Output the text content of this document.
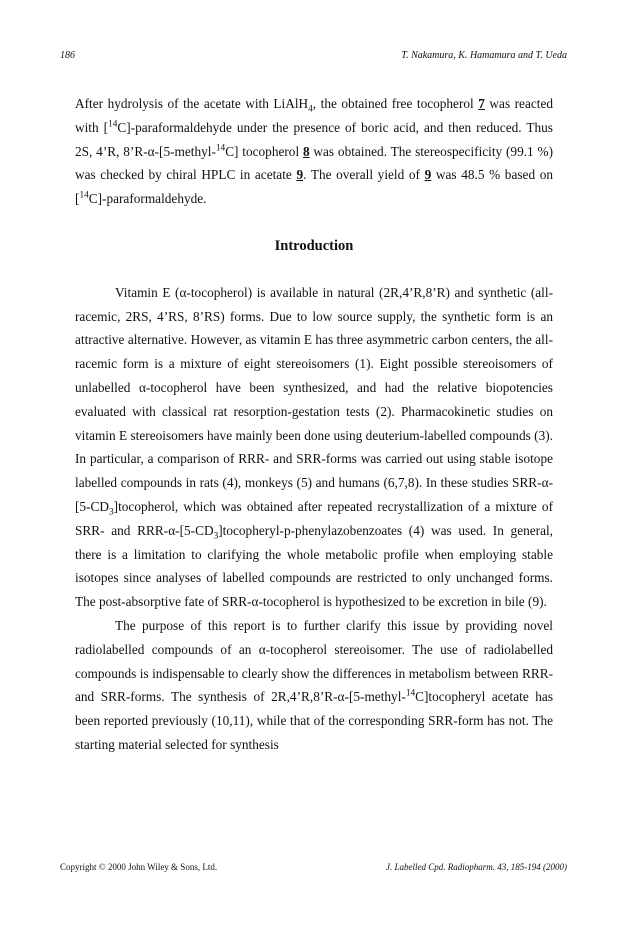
186	T. Nakamura, K. Hamamura and T. Ueda

After hydrolysis of the acetate with LiAlH$_4$, the obtained free tocopherol 7 was reacted with [$^{14}$C]-paraformaldehyde under the presence of boric acid, and then reduced. Thus 2S, 4’R, 8’R-α-[5-methyl-$^{14}$C] tocopherol 8 was obtained. The stereospecificity (99.1 %) was checked by chiral HPLC in acetate 9. The overall yield of 9 was 48.5 % based on [$^{14}$C]-paraformaldehyde.

Introduction

Vitamin E (α-tocopherol) is available in natural (2R,4’R,8’R) and synthetic (all-racemic, 2RS, 4’RS, 8’RS) forms. Due to low source supply, the synthetic form is an attractive alternative. However, as vitamin E has three asymmetric carbon centers, the all-racemic form is a mixture of eight stereoisomers (1). Eight possible stereoisomers of unlabelled α-tocopherol have been synthesized, and had the relative biopotencies evaluated with classical rat resorption-gestation tests (2). Pharmacokinetic studies on vitamin E stereoisomers have mainly been done using deuterium-labelled compounds (3). In particular, a comparison of RRR- and SRR-forms was carried out using stable isotope labelled compounds in rats (4), monkeys (5) and humans (6,7,8). In these studies SRR-$\alpha-[5-CD_3]tocopherol$, which was obtained after repeated recrystallization of a mixture of SRR- and RRR-$\alpha-[5-CD_3]tocopheryl-p$-phenylazobenzoates (4) was used. In general, there is a limitation to clarifying the whole metabolic profile when employing stable isotopes since analyses of labelled compounds are restricted to only unchanged forms. The post-absorptive fate of SRR-α-tocopherol is hypothesized to be excretion in bile (9).

The purpose of this report is to further clarify this issue by providing novel radiolabelled compounds of an α-tocopherol stereoisomer. The use of radiolabelled compounds is indispensable to clearly show the differences in metabolism between RRR- and SRR-forms. The synthesis of 2R,4’R,8’R-α-[5-methyl-$^{14}$C]tocopheryl acetate has been reported previously (10,11), while that of the corresponding SRR-form has not. The starting material selected for synthesis

Copyright © 2000 John Wiley & Sons, Ltd.	J. Labelled Cpd. Radiopharm. 43, 185-194 (2000)
